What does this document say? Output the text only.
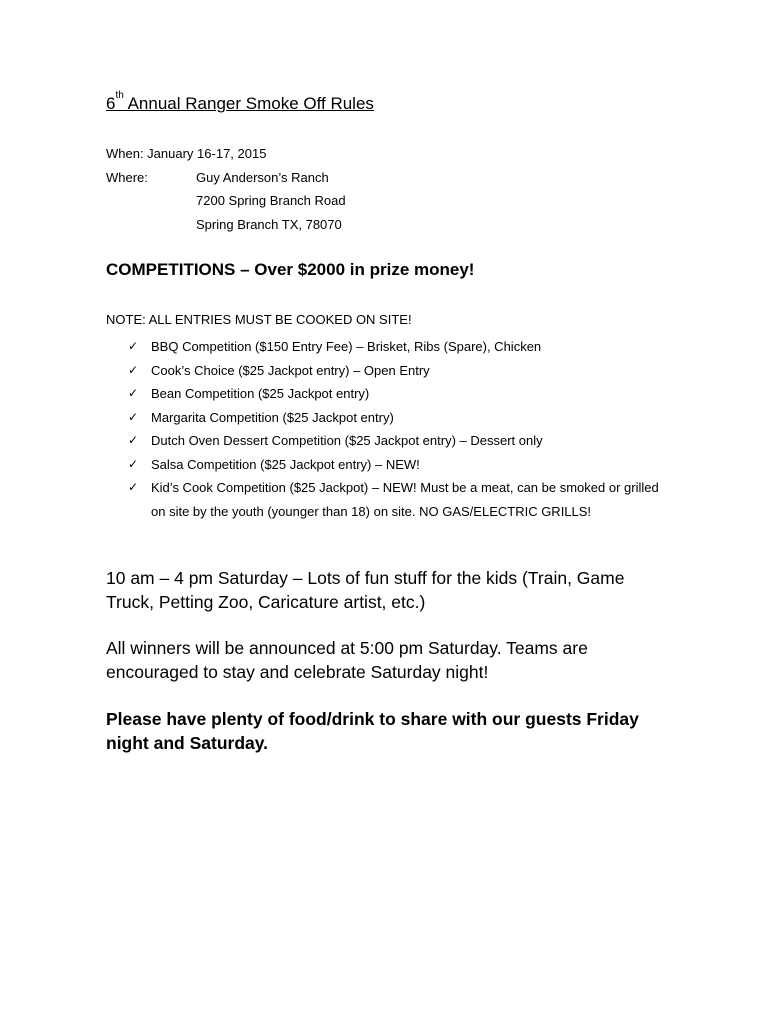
6th Annual Ranger Smoke Off Rules
When: January 16-17, 2015
Where:	Guy Anderson’s Ranch
7200 Spring Branch Road
Spring Branch TX, 78070
COMPETITIONS – Over $2000 in prize money!
NOTE: ALL ENTRIES MUST BE COOKED ON SITE!
✓ BBQ Competition ($150 Entry Fee) – Brisket, Ribs (Spare), Chicken
✓ Cook’s Choice ($25 Jackpot entry) – Open Entry
✓ Bean Competition ($25 Jackpot entry)
✓ Margarita Competition ($25 Jackpot entry)
✓ Dutch Oven Dessert Competition ($25 Jackpot entry) – Dessert only
✓ Salsa Competition ($25 Jackpot entry) – NEW!
✓ Kid’s Cook Competition ($25 Jackpot) – NEW! Must be a meat, can be smoked or grilled on site by the youth (younger than 18) on site. NO GAS/ELECTRIC GRILLS!
10 am – 4 pm Saturday – Lots of fun stuff for the kids (Train, Game Truck, Petting Zoo, Caricature artist, etc.)
All winners will be announced at 5:00 pm Saturday. Teams are encouraged to stay and celebrate Saturday night!
Please have plenty of food/drink to share with our guests Friday night and Saturday.
